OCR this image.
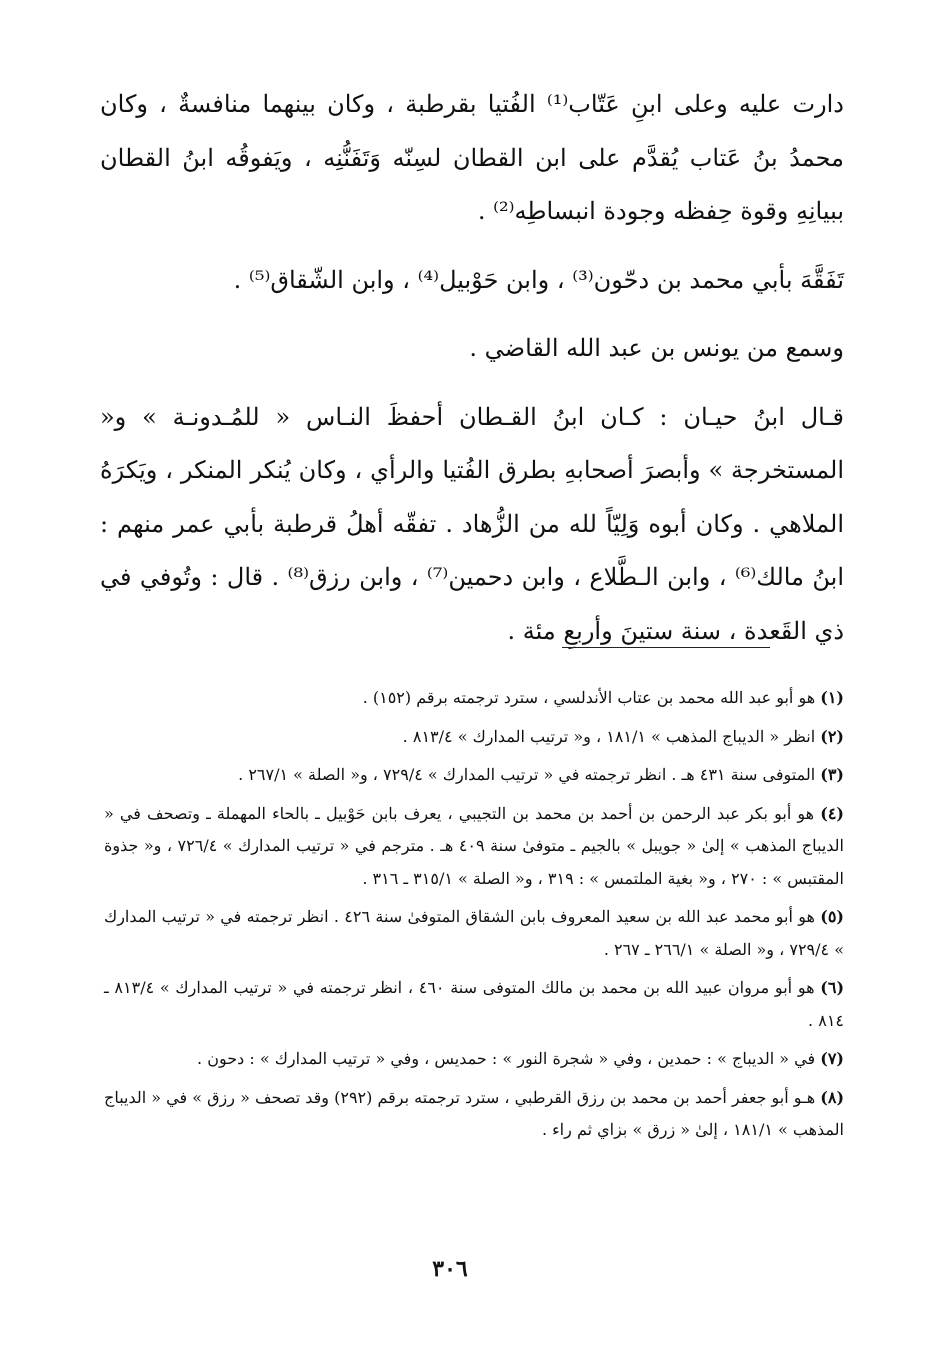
دارت عليه وعلى ابنِ عَتّاب⁽¹⁾ الفُتيا بقرطبة ، وكان بينهما منافسةٌ ، وكان محمدُ بنُ عَتاب يُقدَّم على ابن القطان لسِنّه وَتَفَنُّنِه ، ويَفوقُه ابنُ القطان ببيانِهِ وقوة حِفظه وجودة انبساطِه⁽²⁾ .

تَفَقَّهَ بأبي محمد بن دحّون⁽³⁾ ، وابن حَوْبيل⁽⁴⁾ ، وابن الشّقاق⁽⁵⁾ .

وسمع من يونس بن عبد الله القاضي .

قـال ابنُ حيـان : كـان ابنُ القـطان أحفظَ النـاس « للمُـدونـة » و« المستخرجة » وأبصرَ أصحابهِ بطرق الفُتيا والرأي ، وكان يُنكر المنكر ، ويَكرَهُ الملاهي . وكان أبوه وَلِيّاً لله من الزُّهاد . تفقّه أهلُ قرطبة بأبي عمر منهم : ابنُ مالك⁽⁶⁾ ، وابن الـطَّلاع ، وابن دحمين⁽⁷⁾ ، وابن رزق⁽⁸⁾ . قال : وتُوفي في ذي القَعدة ، سنة ستينَ وأربعِ مئة .

(١) هو أبو عبد الله محمد بن عتاب الأندلسي ، سترد ترجمته برقم (١٥٢) .

(٢) انظر « الديباج المذهب » ١٨١/١ ، و« ترتيب المدارك » ٨١٣/٤ .

(٣) المتوفى سنة ٤٣١ هـ . انظر ترجمته في « ترتيب المدارك » ٧٢٩/٤ ، و« الصلة » ٢٦٧/١ .

(٤) هو أبو بكر عبد الرحمن بن أحمد بن محمد بن التجيبي ، يعرف بابن حَوْبيل ـ بالحاء المهملة ـ وتصحف في « الديباج المذهب » إلىٰ « جويبل » بالجيم ـ متوفىٰ سنة ٤٠٩ هـ . مترجم في « ترتيب المدارك » ٧٢٦/٤ ، و« جذوة المقتبس » : ٢٧٠ ، و« بغية الملتمس » : ٣١٩ ، و« الصلة » ٣١٥/١ ـ ٣١٦ .

(٥) هو أبو محمد عبد الله بن سعيد المعروف بابن الشقاق المتوفىٰ سنة ٤٢٦ . انظر ترجمته في « ترتيب المدارك » ٧٢٩/٤ ، و« الصلة » ٢٦٦/١ ـ ٢٦٧ .

(٦) هو أبو مروان عبيد الله بن محمد بن مالك المتوفى سنة ٤٦٠ ، انظر ترجمته في « ترتيب المدارك » ٨١٣/٤ ـ ٨١٤ .

(٧) في « الديباج » : حمدين ، وفي « شجرة النور » : حمديس ، وفي « ترتيب المدارك » : دحون .

(٨) هـو أبو جعفر أحمد بن محمد بن رزق القرطبي ، سترد ترجمته برقم (٢٩٢) وقد تصحف « رزق » في « الديباج المذهب » ١٨١/١ ، إلىٰ « زرق » بزاي ثم راء .

٣٠٦
